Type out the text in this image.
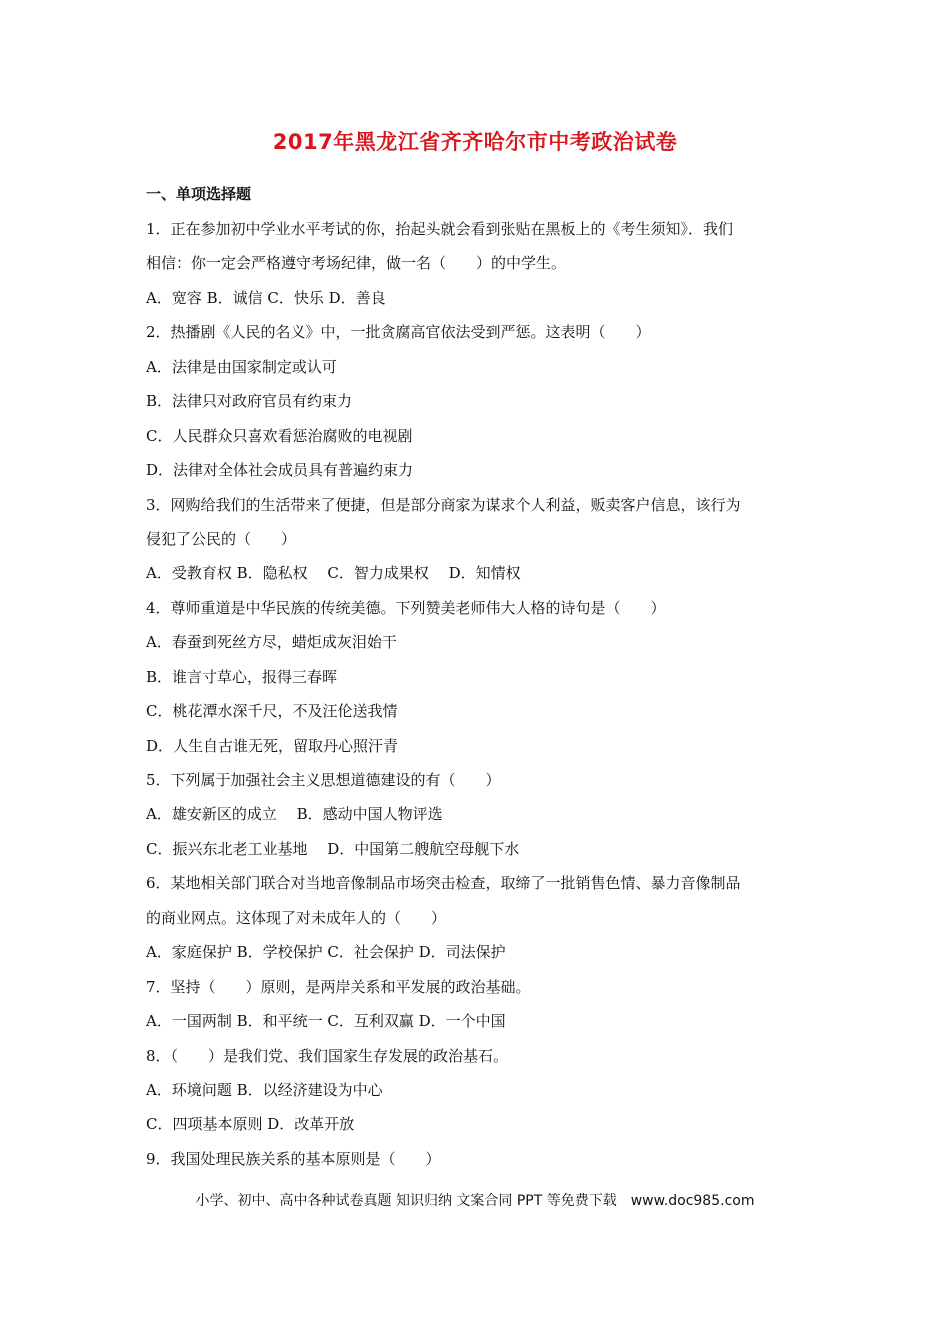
2017年黑龙江省齐齐哈尔市中考政治试卷
一、单项选择题
1．正在参加初中学业水平考试的你，抬起头就会看到张贴在黑板上的《考生须知》．我们
相信：你一定会严格遵守考场纪律，做一名（　　）的中学生。
A．宽容 B．诚信 C．快乐 D．善良
2．热播剧《人民的名义》中，一批贪腐高官依法受到严惩。这表明（　　）
A．法律是由国家制定或认可
B．法律只对政府官员有约束力
C．人民群众只喜欢看惩治腐败的电视剧
D．法律对全体社会成员具有普遍约束力
3．网购给我们的生活带来了便捷，但是部分商家为谋求个人利益，贩卖客户信息，该行为
侵犯了公民的（　　）
A．受教育权 B．隐私权　 C．智力成果权　 D．知情权
4．尊师重道是中华民族的传统美德。下列赞美老师伟大人格的诗句是（　　）
A．春蚕到死丝方尽，蜡炬成灰泪始干
B．谁言寸草心，报得三春晖
C．桃花潭水深千尺，不及汪伦送我情
D．人生自古谁无死，留取丹心照汗青
5．下列属于加强社会主义思想道德建设的有（　　）
A．雄安新区的成立　 B．感动中国人物评选
C．振兴东北老工业基地　 D．中国第二艘航空母舰下水
6．某地相关部门联合对当地音像制品市场突击检查，取缔了一批销售色情、暴力音像制品
的商业网点。这体现了对未成年人的（　　）
A．家庭保护 B．学校保护 C．社会保护 D．司法保护
7．坚持（　　）原则，是两岸关系和平发展的政治基础。
A．一国两制 B．和平统一 C．互利双赢 D．一个中国
8．（　　）是我们党、我们国家生存发展的政治基石。
A．环境问题 B．以经济建设为中心
C．四项基本原则 D．改革开放
9．我国处理民族关系的基本原则是（　　）
小学、初中、高中各种试卷真题 知识归纳 文案合同 PPT 等免费下载　www.doc985.com
